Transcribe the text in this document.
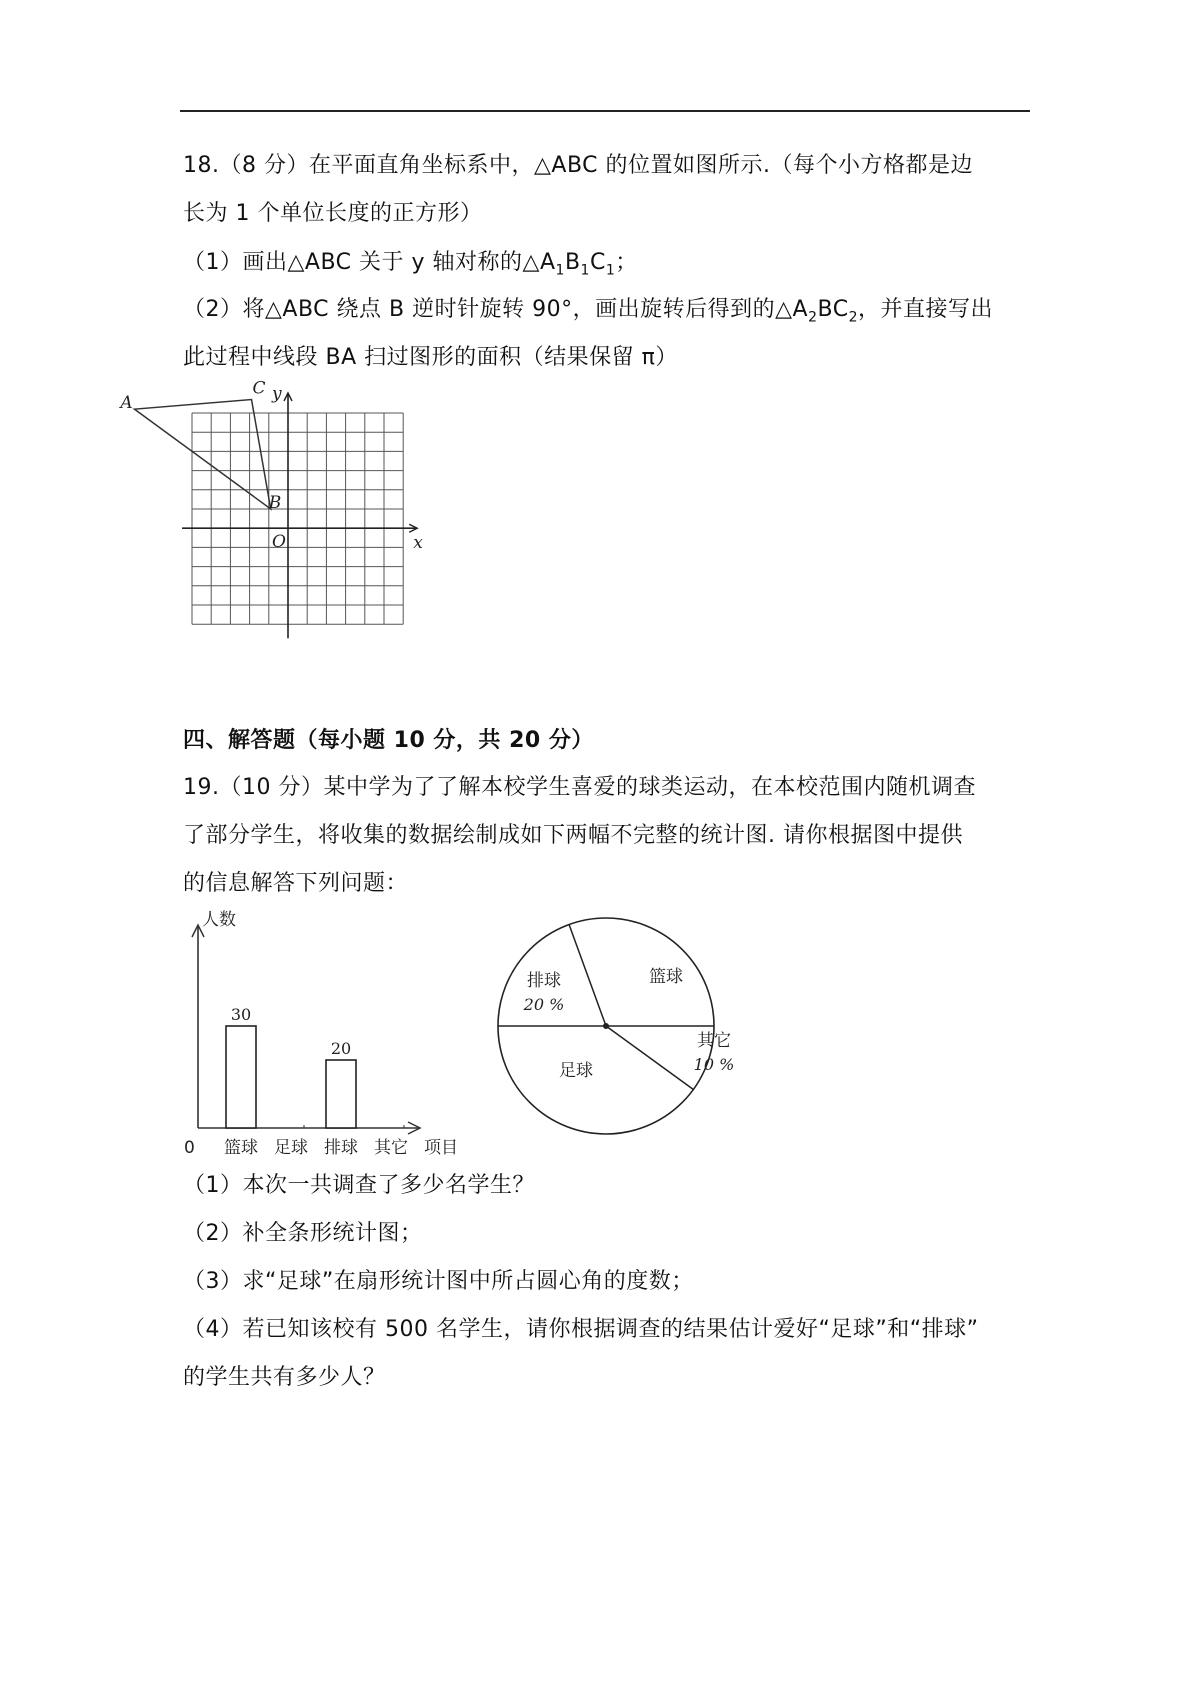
18.（8 分）在平面直角坐标系中，△ABC 的位置如图所示.（每个小方格都是边
长为 1 个单位长度的正方形）
（1）画出△ABC 关于 y 轴对称的$\triangle A_1B_1C_1$；
（2）将△ABC 绕点 B 逆时针旋转 90°，画出旋转后得到的$\triangle A_2BC_2$，并直接写出
此过程中线段 BA 扫过图形的面积（结果保留 π）
y
x
O
A
B
C
四、解答题（每小题 10 分，共 20 分）
19.（10 分）某中学为了了解本校学生喜爱的球类运动，在本校范围内随机调查
了部分学生，将收集的数据绘制成如下两幅不完整的统计图. 请你根据图中提供
的信息解答下列问题：
人数
项目
0 篮球
30
足球 排球
20
其它
篮球
其它
10 %
足球
排球
20 %
（1）本次一共调查了多少名学生？
（2）补全条形统计图；
（3）求“足球”在扇形统计图中所占圆心角的度数；
（4）若已知该校有 500 名学生，请你根据调查的结果估计爱好“足球”和“排球”
的学生共有多少人？
